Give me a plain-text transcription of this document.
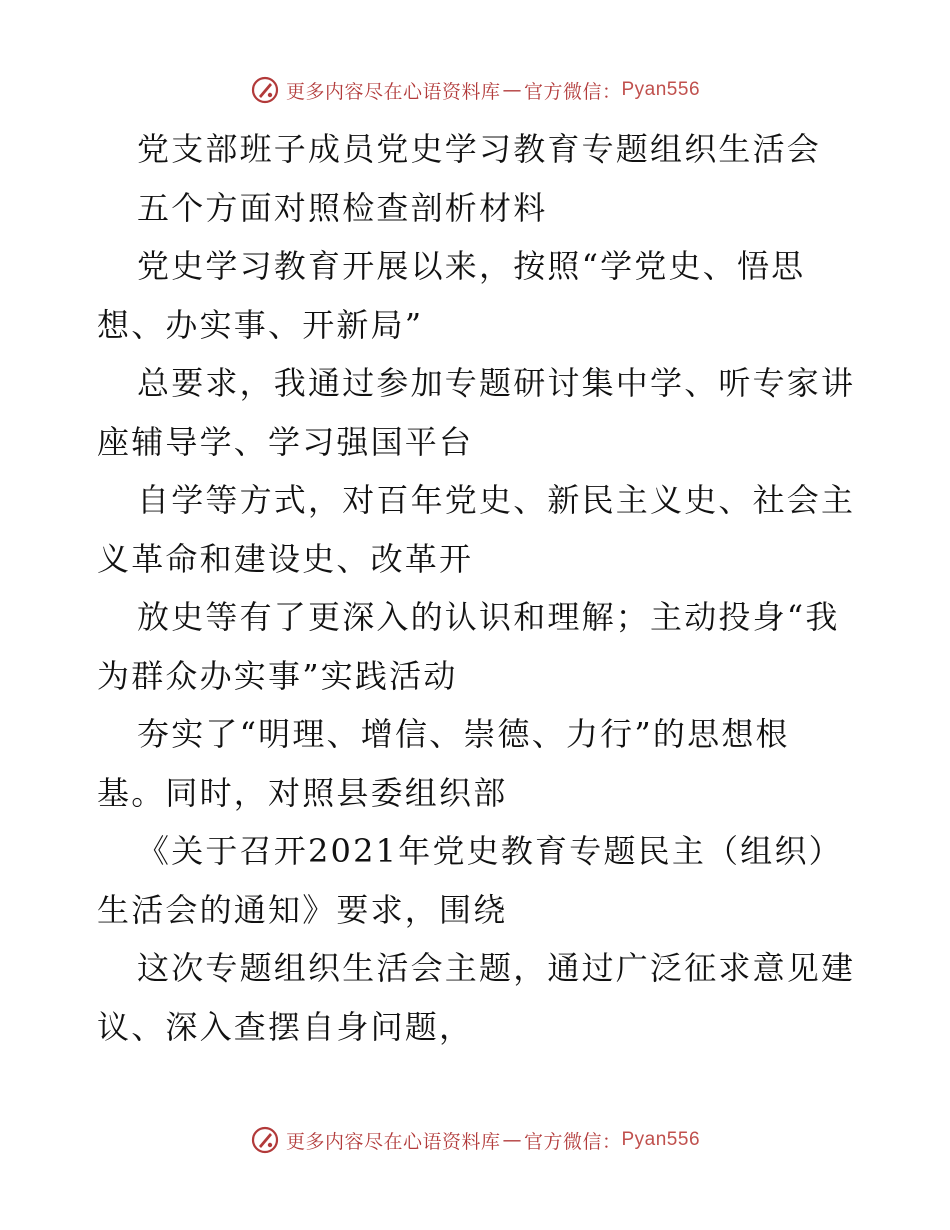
更多内容尽在心语资料库 — 官方微信： Pyan556
党支部班子成员党史学习教育专题组织生活会
五个方面对照检查剖析材料
党史学习教育开展以来，按照“学党史、悟思
想、办实事、开新局”
总要求，我通过参加专题研讨集中学、听专家讲
座辅导学、学习强国平台
自学等方式，对百年党史、新民主义史、社会主
义革命和建设史、改革开
放史等有了更深入的认识和理解；主动投身“我
为群众办实事”实践活动
夯实了“明理、增信、崇德、力行”的思想根
基。同时，对照县委组织部
《关于召开2021年党史教育专题民主（组织）
生活会的通知》要求，围绕
这次专题组织生活会主题，通过广泛征求意见建
议、深入查摆自身问题，
更多内容尽在心语资料库 — 官方微信： Pyan556
